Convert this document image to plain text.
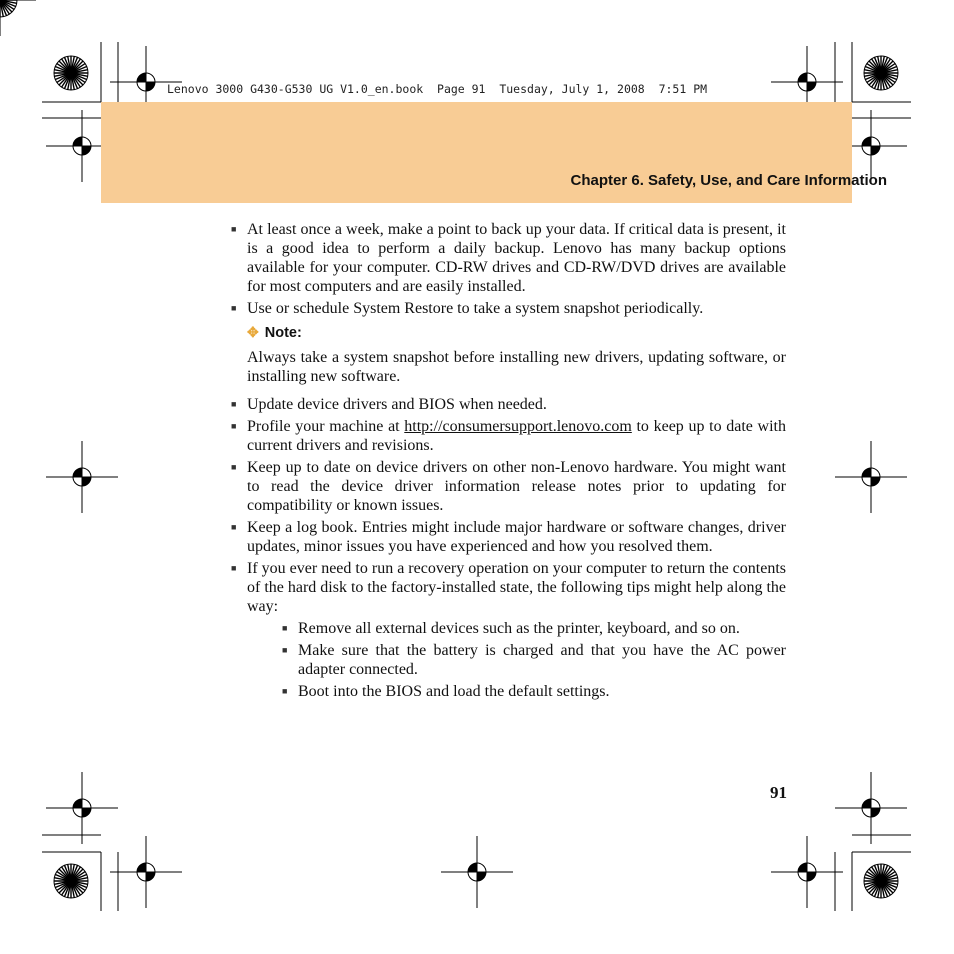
Lenovo 3000 G430-G530 UG V1.0_en.book  Page 91  Tuesday, July 1, 2008  7:51 PM
Chapter 6. Safety, Use, and Care Information
■ At least once a week, make a point to back up your data. If critical data is present, it is a good idea to perform a daily backup. Lenovo has many backup options available for your computer. CD-RW drives and CD-RW/DVD drives are available for most computers and are easily installed.
■ Use or schedule System Restore to take a system snapshot periodically.
✥ Note:
Always take a system snapshot before installing new drivers, updating software, or installing new software.
■ Update device drivers and BIOS when needed.
■ Profile your machine at http://consumersupport.lenovo.com to keep up to date with current drivers and revisions.
■ Keep up to date on device drivers on other non-Lenovo hardware. You might want to read the device driver information release notes prior to updating for compatibility or known issues.
■ Keep a log book. Entries might include major hardware or software changes, driver updates, minor issues you have experienced and how you resolved them.
■ If you ever need to run a recovery operation on your computer to return the contents of the hard disk to the factory-installed state, the following tips might help along the way:
■ Remove all external devices such as the printer, keyboard, and so on.
■ Make sure that the battery is charged and that you have the AC power adapter connected.
■ Boot into the BIOS and load the default settings.
91
